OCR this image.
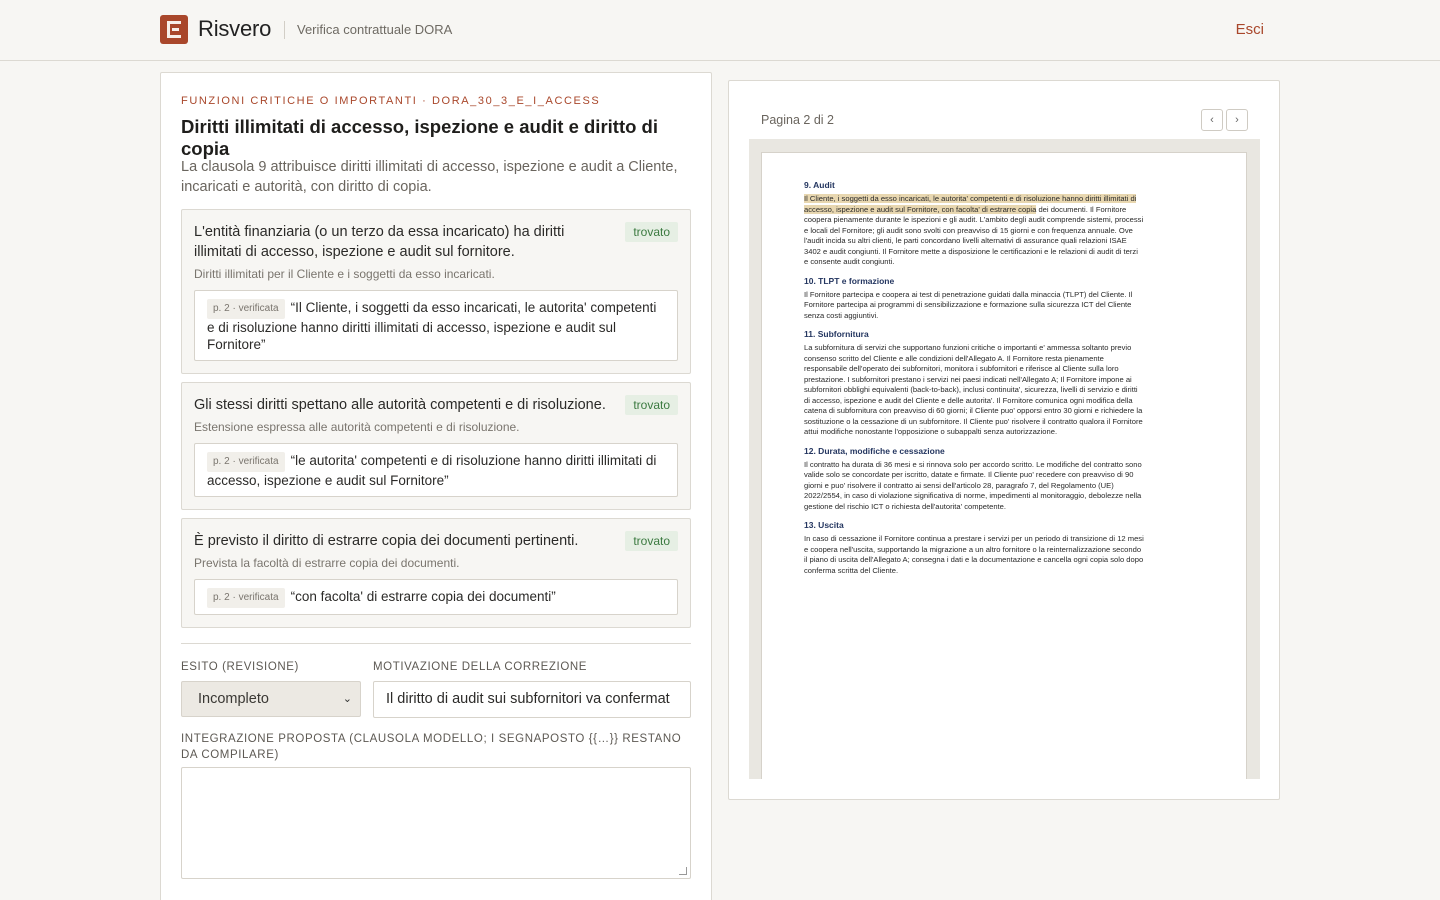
Risvero Verifica contrattuale DORA	Esci
FUNZIONI CRITICHE O IMPORTANTI · DORA_30_3_E_I_ACCESS
Diritti illimitati di accesso, ispezione e audit e diritto di copia
La clausola 9 attribuisce diritti illimitati di accesso, ispezione e audit a Cliente, incaricati e autorità, con diritto di copia.
L'entità finanziaria (o un terzo da essa incaricato) ha diritti illimitati di accesso, ispezione e audit sul fornitore.
trovato
Diritti illimitati per il Cliente e i soggetti da esso incaricati.
p. 2 · verificata “Il Cliente, i soggetti da esso incaricati, le autorita' competenti e di risoluzione hanno diritti illimitati di accesso, ispezione e audit sul Fornitore”
Gli stessi diritti spettano alle autorità competenti e di risoluzione.	trovato
Estensione espressa alle autorità competenti e di risoluzione.
p. 2 · verificata “le autorita' competenti e di risoluzione hanno diritti illimitati di accesso, ispezione e audit sul Fornitore”
È previsto il diritto di estrarre copia dei documenti pertinenti.	trovato
Prevista la facoltà di estrarre copia dei documenti.
p. 2 · verificata “con facolta' di estrarre copia dei documenti”
ESITO (REVISIONE)	MOTIVAZIONE DELLA CORREZIONE
Incompleto	⌄	Il diritto di audit sui subfornitori va confermat
INTEGRAZIONE PROPOSTA (CLAUSOLA MODELLO; I SEGNAPOSTO {{…}} RESTANO DA COMPILARE)
Pagina 2 di 2	‹	›
9. Audit

Il Cliente, i soggetti da esso incaricati, le autorita' competenti e di risoluzione hanno diritti illimitati di accesso, ispezione e audit sul Fornitore, con facolta' di estrarre copia dei documenti. Il Fornitore coopera pienamente durante le ispezioni e gli audit. L'ambito degli audit comprende sistemi, processi e locali del Fornitore; gli audit sono svolti con preavviso di 15 giorni e con frequenza annuale. Ove l'audit incida su altri clienti, le parti concordano livelli alternativi di assurance quali relazioni ISAE 3402 e audit congiunti. Il Fornitore mette a disposizione le certificazioni e le relazioni di audit di terzi e consente audit congiunti.

10. TLPT e formazione

Il Fornitore partecipa e coopera ai test di penetrazione guidati dalla minaccia (TLPT) del Cliente. Il Fornitore partecipa ai programmi di sensibilizzazione e formazione sulla sicurezza ICT del Cliente senza costi aggiuntivi.

11. Subfornitura

La subfornitura di servizi che supportano funzioni critiche o importanti e' ammessa soltanto previo consenso scritto del Cliente e alle condizioni dell'Allegato A. Il Fornitore resta pienamente responsabile dell'operato dei subfornitori, monitora i subfornitori e riferisce al Cliente sulla loro prestazione. I subfornitori prestano i servizi nei paesi indicati nell'Allegato A; Il Fornitore impone ai subfornitori obblighi equivalenti (back-to-back), inclusi continuita', sicurezza, livelli di servizio e diritti di accesso, ispezione e audit del Cliente e delle autorita'. Il Fornitore comunica ogni modifica della catena di subfornitura con preavviso di 60 giorni; il Cliente puo' opporsi entro 30 giorni e richiedere la sostituzione o la cessazione di un subfornitore. Il Cliente puo' risolvere il contratto qualora il Fornitore attui modifiche nonostante l'opposizione o subappalti senza autorizzazione.

12. Durata, modifiche e cessazione

Il contratto ha durata di 36 mesi e si rinnova solo per accordo scritto. Le modifiche del contratto sono valide solo se concordate per iscritto, datate e firmate. Il Cliente puo' recedere con preavviso di 90 giorni e puo' risolvere il contratto ai sensi dell'articolo 28, paragrafo 7, del Regolamento (UE) 2022/2554, in caso di violazione significativa di norme, impedimenti al monitoraggio, debolezze nella gestione del rischio ICT o richiesta dell'autorita' competente.

13. Uscita

In caso di cessazione il Fornitore continua a prestare i servizi per un periodo di transizione di 12 mesi e coopera nell'uscita, supportando la migrazione a un altro fornitore o la reinternalizzazione secondo il piano di uscita dell'Allegato A; consegna i dati e la documentazione e cancella ogni copia solo dopo conferma scritta del Cliente.
